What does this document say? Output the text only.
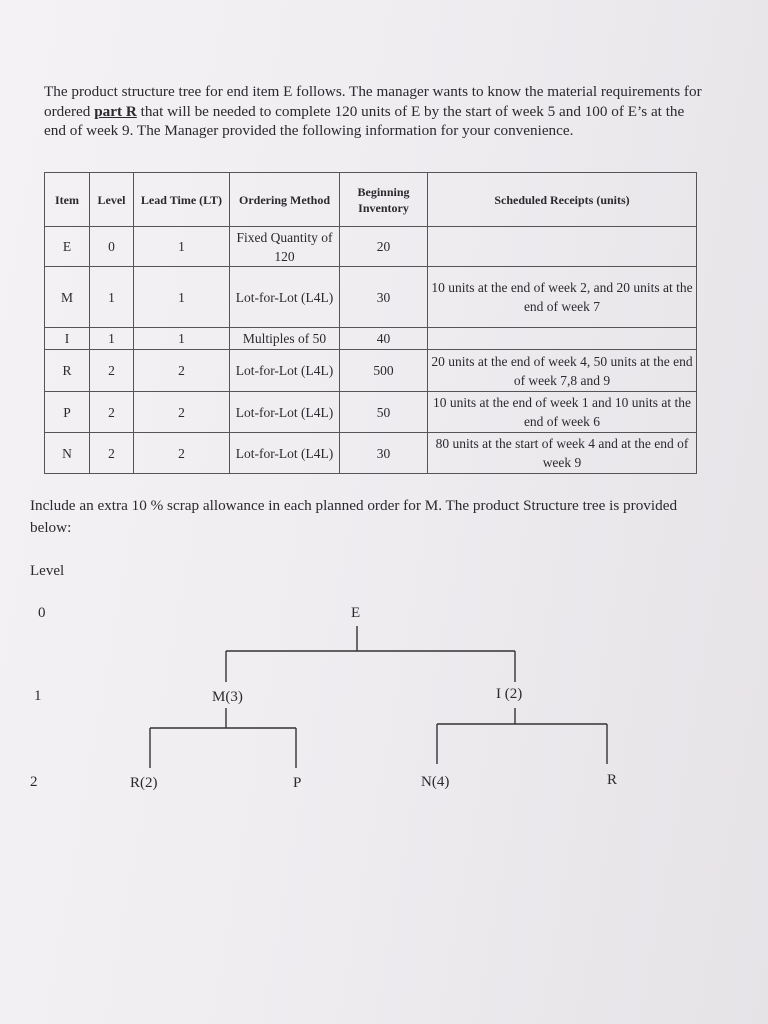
The product structure tree for end item E follows. The manager wants to know the material requirements for ordered part R that will be needed to complete 120 units of E by the start of week 5 and 100 of E’s at the end of week 9. The Manager provided the following information for your convenience.

Item	Level	Lead Time (LT)	Ordering Method	Beginning Inventory	Scheduled Receipts (units)
E	0	1	Fixed Quantity of 120	20	
M	1	1	Lot-for-Lot (L4L)	30	10 units at the end of week 2, and 20 units at the end of week 7
I	1	1	Multiples of 50	40	
R	2	2	Lot-for-Lot (L4L)	500	20 units at the end of week 4, 50 units at the end of week 7,8 and 9
P	2	2	Lot-for-Lot (L4L)	50	10 units at the end of week 1 and 10 units at the end of week 6
N	2	2	Lot-for-Lot (L4L)	30	80 units at the start of week 4 and at the end of week 9

Include an extra 10 % scrap allowance in each planned order for M. The product Structure tree is provided below:

Level
0
1
2
E
M(3)	I (2)
R(2)	P	N(4)	R
